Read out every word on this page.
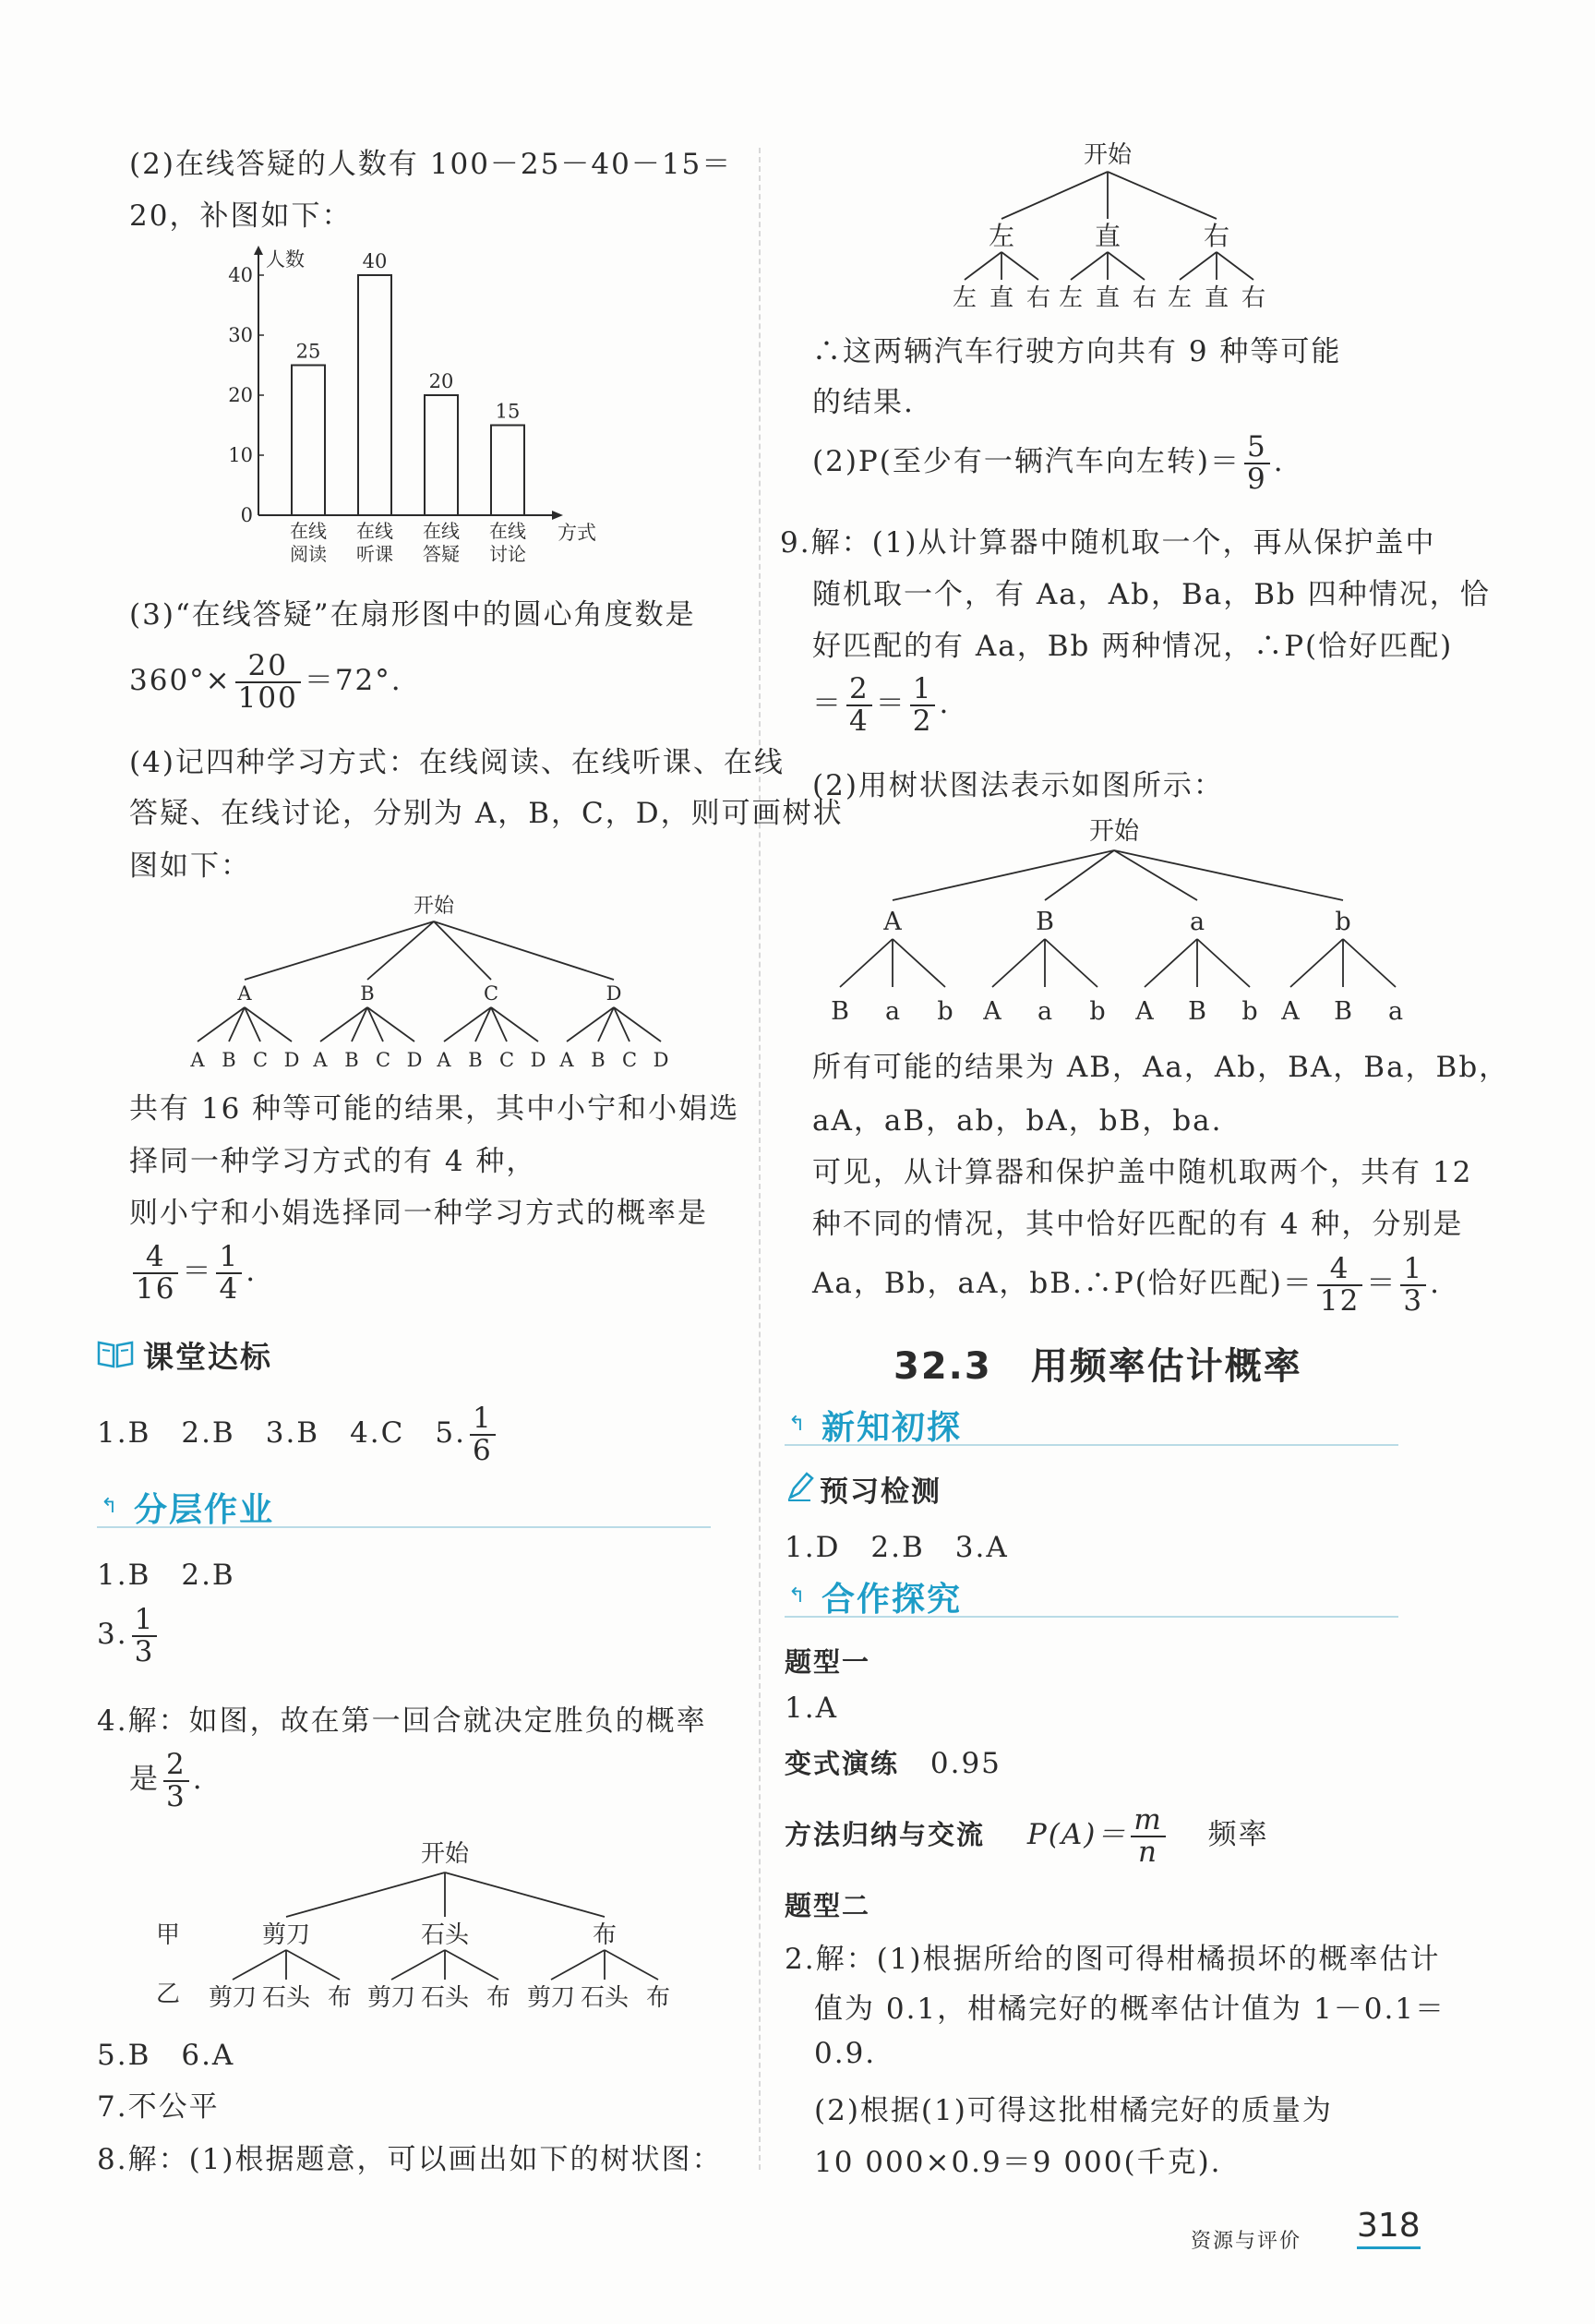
(2)在线答疑的人数有 100－25－40－15＝
20，补图如下：
人数
方式
0
10
20
30
40
25
在线
阅读
40
在线
听课
20
在线
答疑
15
在线
讨论
(3)“在线答疑”在扇形图中的圆心角度数是
$360^\circ\times \frac{20}{100} =72^\circ$.
(4)记四种学习方式：在线阅读、在线听课、在线
答疑、在线讨论，分别为 A，B，C，D，则可画树状
图如下：
开始
A
A B C D
B
A B C D
C
A B C D
D
A B C D
共有 16 种等可能的结果，其中小宁和小娟选
择同一种学习方式的有 4 种，
则小宁和小娟选择同一种学习方式的概率是
$\frac{4}{16} = \frac{1}{4}$ .
课堂达标
1.B　2.B　3.B　4.C　5. $\frac{1}{6}$
↰ 分层作业
1.B　2.B
3. $\frac{1}{3}$
4.解：如图，故在第一回合就决定胜负的概率
是 $\frac{2}{3}$ .
开始
甲
乙
剪刀
剪刀 石头 布
石头
剪刀 石头 布
布
剪刀 石头 布
5.B　6.A
7.不公平
8.解：(1)根据题意，可以画出如下的树状图：
开始
左
左 直 右
直
左 直 右
右
左 直 右
∴这两辆汽车行驶方向共有 9 种等可能
的结果.
(2)P(至少有一辆汽车向左转)＝ $\frac{5}{9}$ .
9.解：(1)从计算器中随机取一个，再从保护盖中
随机取一个，有 Aa，Ab，Ba，Bb 四种情况，恰
好匹配的有 Aa，Bb 两种情况，∴P(恰好匹配)
＝ $\frac{2}{4} = \frac{1}{2}$ .
(2)用树状图法表示如图所示：
开始
A
B a b
B
A a b
a
A B b
b
A B a
所有可能的结果为 AB，Aa，Ab，BA，Ba，Bb，
aA，aB，ab，bA，bB，ba.
可见，从计算器和保护盖中随机取两个，共有 12
种不同的情况，其中恰好匹配的有 4 种，分别是
Aa，Bb，aA，bB.∴P(恰好匹配)＝ $\frac{4}{12} = \frac{1}{3}$ .
32.3　用频率估计概率
↰ 新知初探
预习检测
1.D　2.B　3.A
↰ 合作探究
题型一
1.A
变式演练 0.95
方法归纳与交流 $P(A)= \frac{m}{n}$ 频率
题型二
2.解：(1)根据所给的图可得柑橘损坏的概率估计
值为 0.1，柑橘完好的概率估计值为 1－0.1＝
0.9.
(2)根据(1)可得这批柑橘完好的质量为
10 000×0.9＝9 000(千克).
资源与评价 318
